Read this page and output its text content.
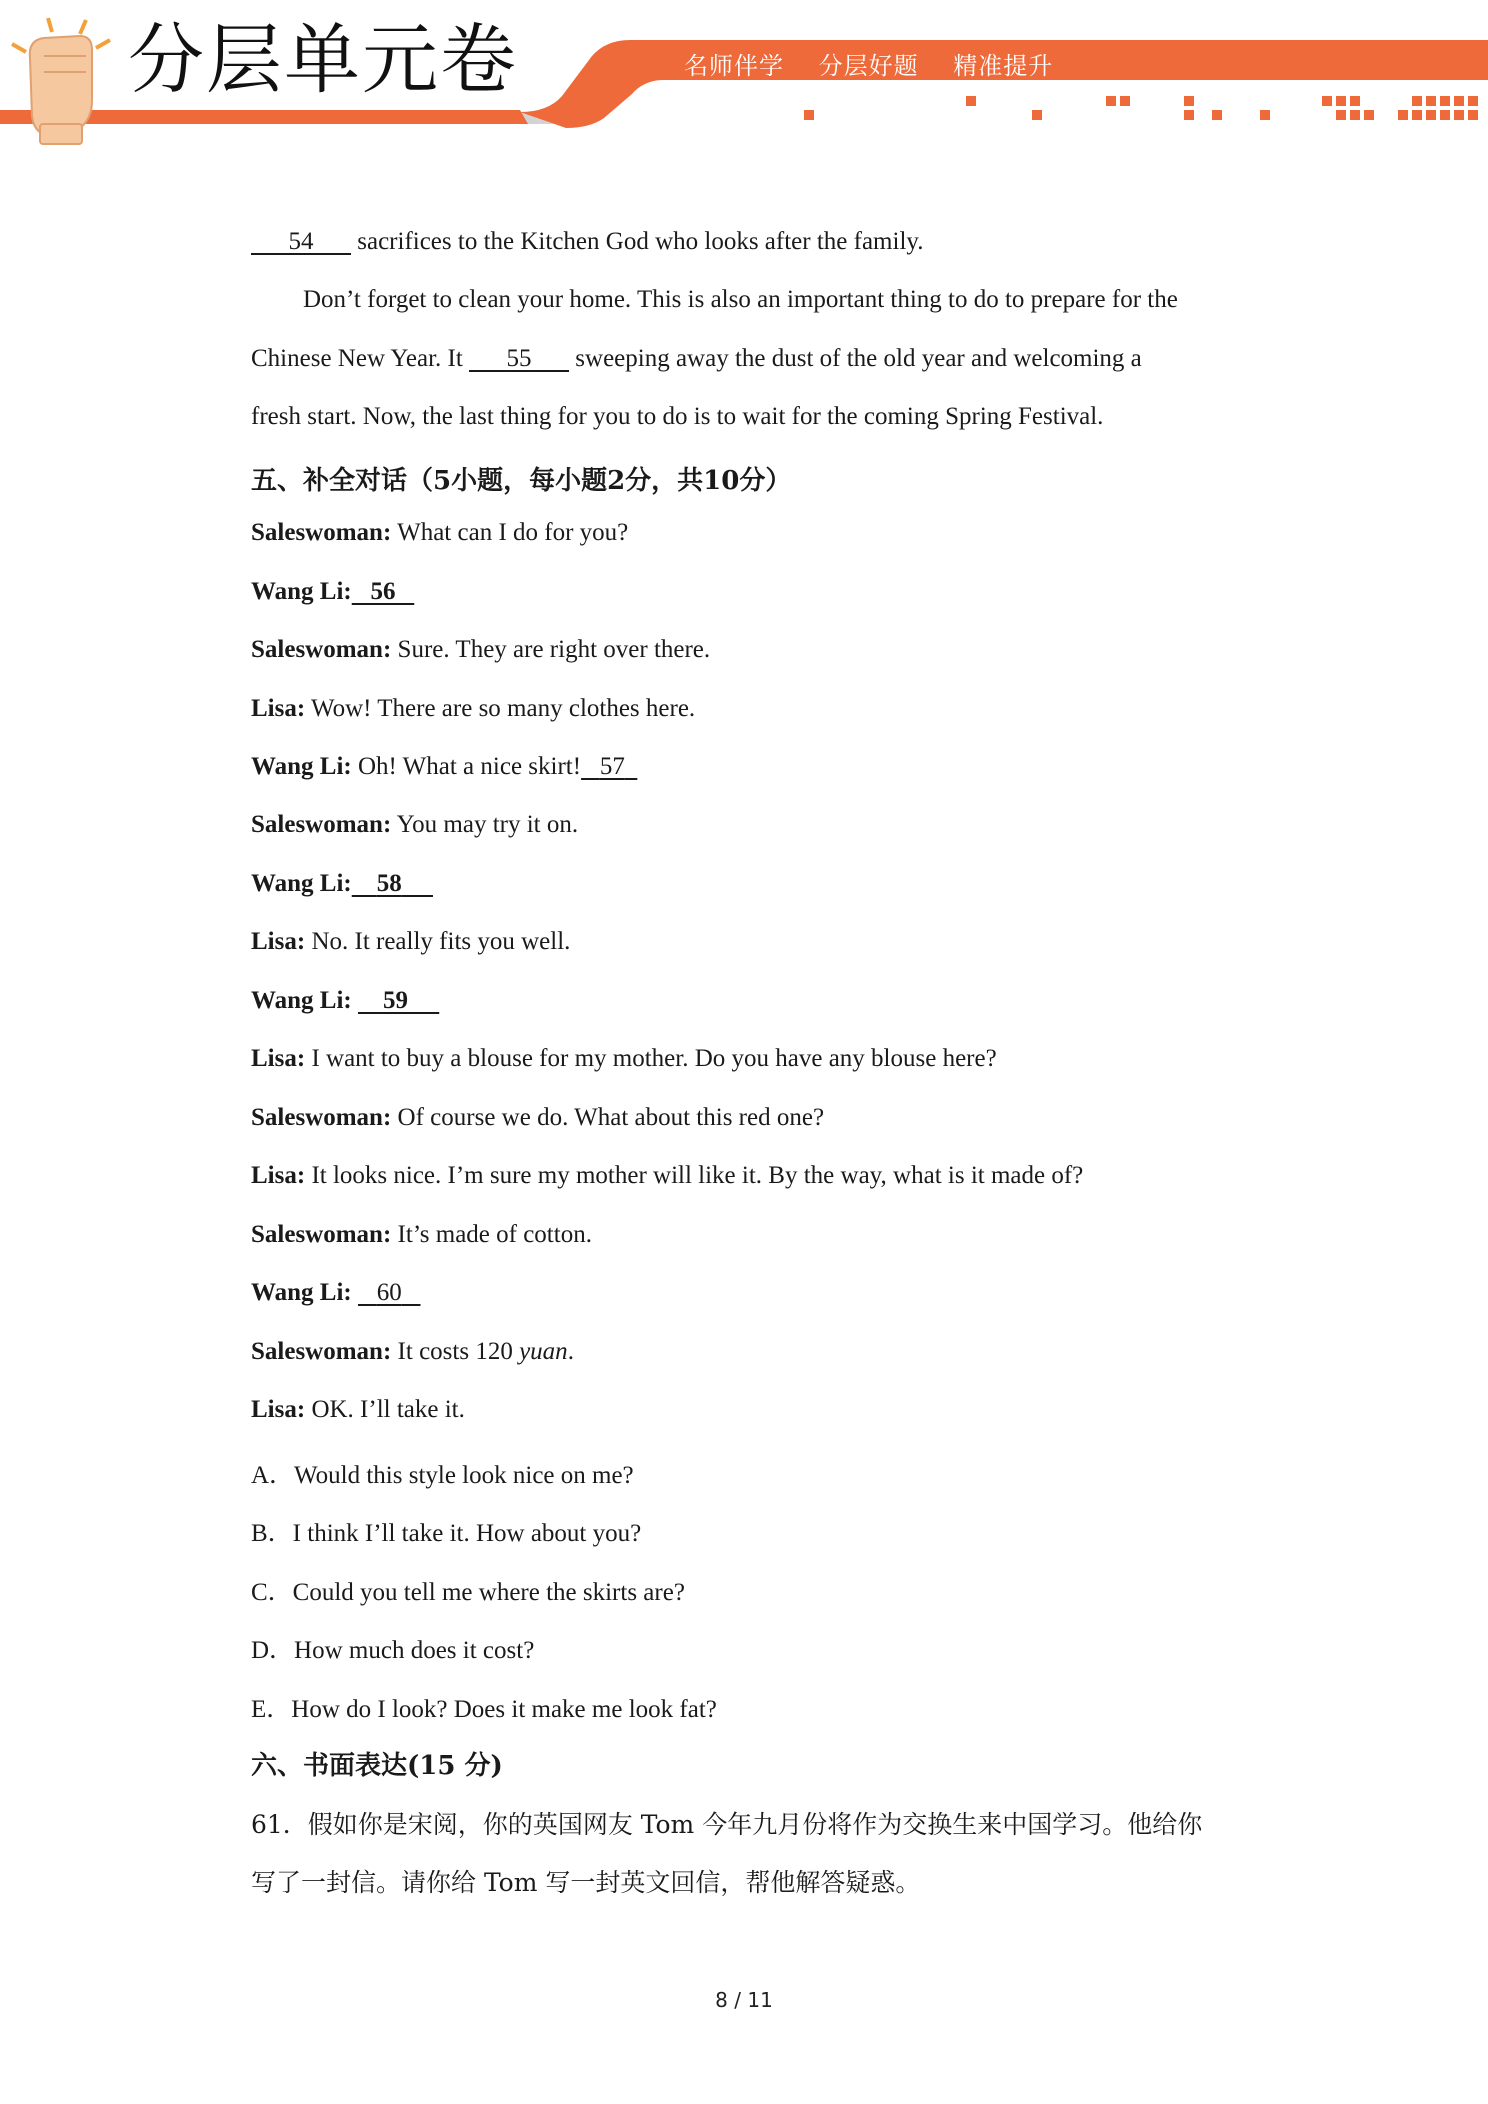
分层单元卷	名师伴学 分层好题 精准提升
54 sacrifices to the Kitchen God who looks after the family.
Don’t forget to clean your home. This is also an important thing to do to prepare for the
Chinese New Year. It 55 sweeping away the dust of the old year and welcoming a
fresh start. Now, the last thing for you to do is to wait for the coming Spring Festival.
五、补全对话（5小题，每小题2分，共10分）
Saleswoman: What can I do for you?
Wang Li: 56
Saleswoman: Sure. They are right over there.
Lisa: Wow! There are so many clothes here.
Wang Li: Oh! What a nice skirt! 57
Saleswoman: You may try it on.
Wang Li: 58
Lisa: No. It really fits you well.
Wang Li: 59
Lisa: I want to buy a blouse for my mother. Do you have any blouse here?
Saleswoman: Of course we do. What about this red one?
Lisa: It looks nice. I’m sure my mother will like it. By the way, what is it made of?
Saleswoman: It’s made of cotton.
Wang Li: 60
Saleswoman: It costs 120 yuan.
Lisa: OK. I’ll take it.
A．Would this style look nice on me?
B．I think I’ll take it. How about you?
C．Could you tell me where the skirts are?
D．How much does it cost?
E．How do I look? Does it make me look fat?
六、书面表达(15 分)
61．假如你是宋阅，你的英国网友 Tom 今年九月份将作为交换生来中国学习。他给你
写了一封信。请你给 Tom 写一封英文回信，帮他解答疑惑。
8 / 11
